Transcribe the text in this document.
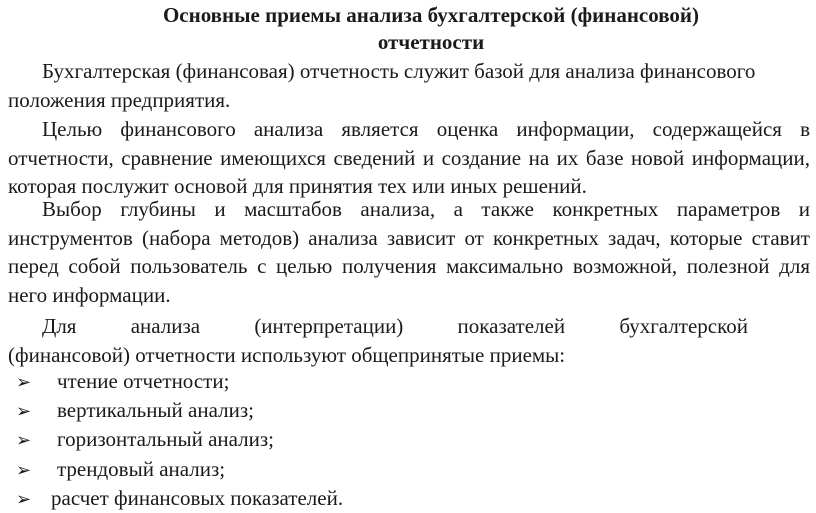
Основные приемы анализа бухгалтерской (финансовой)
отчетности

Бухгалтерская (финансовая) отчетность служит базой для анализа финансового положения предприятия.

Целью финансового анализа является оценка информации, содержащейся в отчетности, сравнение имеющихся сведений и создание на их базе новой информации, которая послужит основой для принятия тех или иных решений.

Выбор глубины и масштабов анализа, а также конкретных параметров и инструментов (набора методов) анализа зависит от конкретных задач, которые ставит перед собой пользователь с целью получения максимально возможной, полезной для него информации.

Для	анализа	(интерпретации)	показателей	бухгалтерской
(финансовой) отчетности используют общепринятые приемы:
➢	чтение отчетности;
➢	вертикальный анализ;
➢	горизонтальный анализ;
➢	трендовый анализ;
➢ расчет финансовых показателей.
